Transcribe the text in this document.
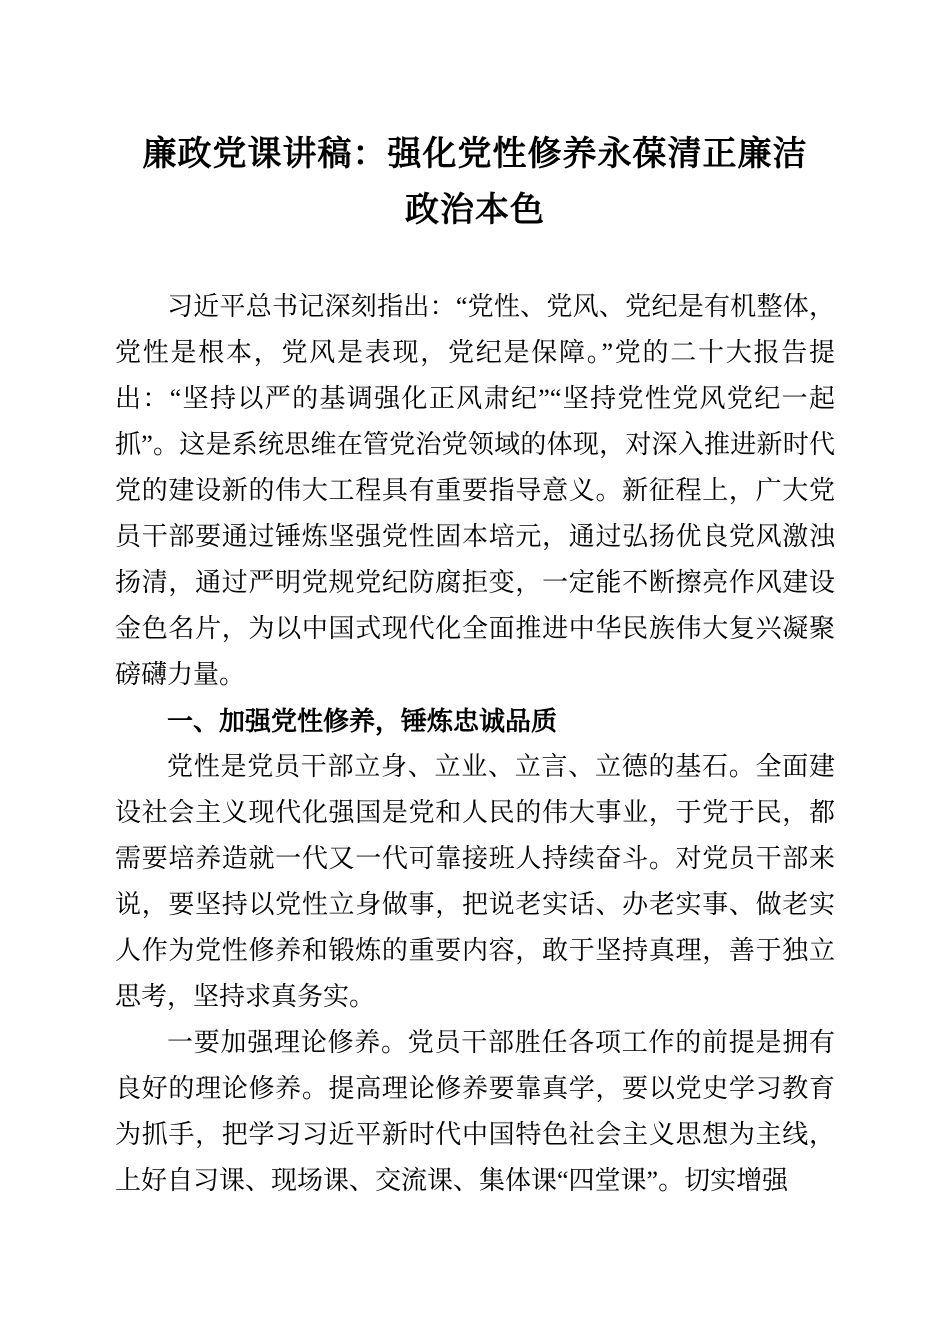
廉政党课讲稿：强化党性修养永葆清正廉洁政治本色

习近平总书记深刻指出：“党性、党风、党纪是有机整体，党性是根本，党风是表现，党纪是保障。”党的二十大报告提出：“坚持以严的基调强化正风肃纪”“坚持党性党风党纪一起抓”。这是系统思维在管党治党领域的体现，对深入推进新时代党的建设新的伟大工程具有重要指导意义。新征程上，广大党员干部要通过锤炼坚强党性固本培元，通过弘扬优良党风激浊扬清，通过严明党规党纪防腐拒变，一定能不断擦亮作风建设金色名片，为以中国式现代化全面推进中华民族伟大复兴凝聚磅礴力量。

一、加强党性修养，锤炼忠诚品质

党性是党员干部立身、立业、立言、立德的基石。全面建设社会主义现代化强国是党和人民的伟大事业，于党于民，都需要培养造就一代又一代可靠接班人持续奋斗。对党员干部来说，要坚持以党性立身做事，把说老实话、办老实事、做老实人作为党性修养和锻炼的重要内容，敢于坚持真理，善于独立思考，坚持求真务实。

一要加强理论修养。党员干部胜任各项工作的前提是拥有良好的理论修养。提高理论修养要靠真学，要以党史学习教育为抓手，把学习习近平新时代中国特色社会主义思想为主线，上好自习课、现场课、交流课、集体课“四堂课”。切实增强
